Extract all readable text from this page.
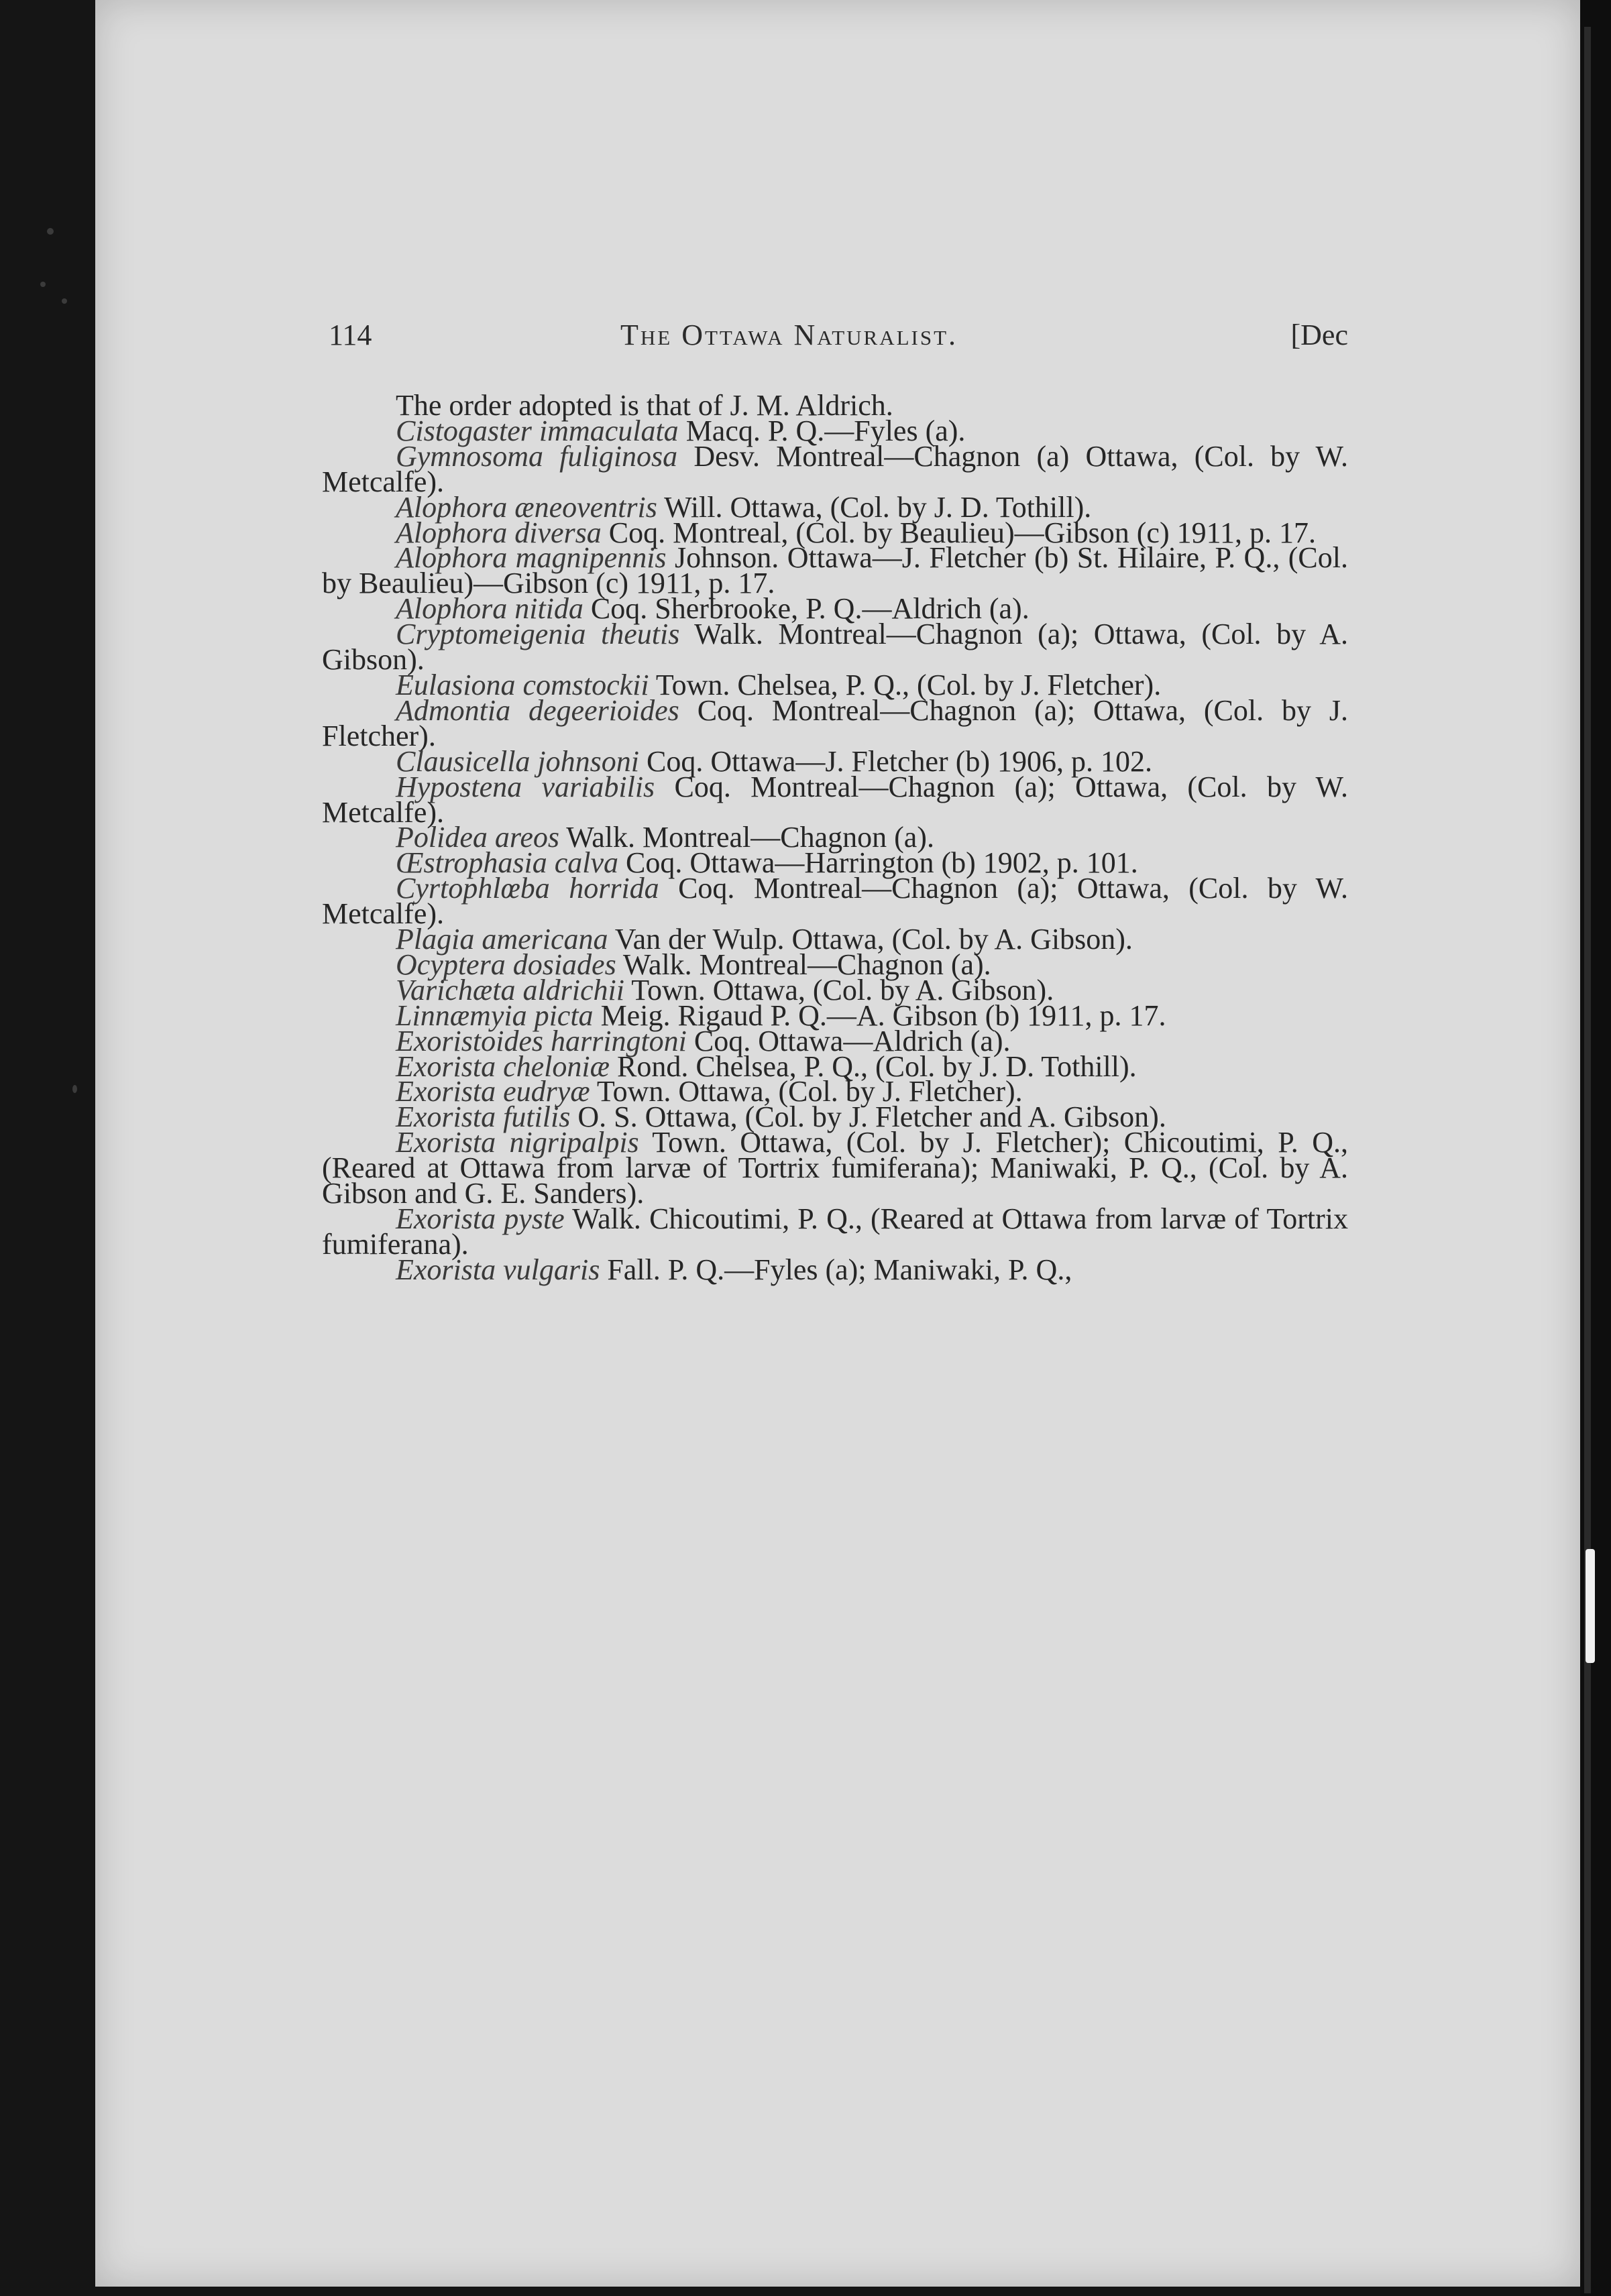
114	The Ottawa Naturalist.	[Dec

The order adopted is that of J. M. Aldrich.

Cistogaster immaculata Macq. P. Q.—Fyles (a).

Gymnosoma fuliginosa Desv. Montreal—Chagnon (a) Ottawa, (Col. by W. Metcalfe).

Alophora æneoventris Will. Ottawa, (Col. by J. D. Tothill).

Alophora diversa Coq. Montreal, (Col. by Beaulieu)—Gibson (c) 1911, p. 17.

Alophora magnipennis Johnson. Ottawa—J. Fletcher (b) St. Hilaire, P. Q., (Col. by Beaulieu)—Gibson (c) 1911, p. 17.

Alophora nitida Coq. Sherbrooke, P. Q.—Aldrich (a).

Cryptomeigenia theutis Walk. Montreal—Chagnon (a); Ottawa, (Col. by A. Gibson).

Eulasiona comstockii Town. Chelsea, P. Q., (Col. by J. Fletcher).

Admontia degeerioides Coq. Montreal—Chagnon (a); Ottawa, (Col. by J. Fletcher).

Clausicella johnsoni Coq. Ottawa—J. Fletcher (b) 1906, p. 102.

Hypostena variabilis Coq. Montreal—Chagnon (a); Ottawa, (Col. by W. Metcalfe).

Polidea areos Walk. Montreal—Chagnon (a).

Œstrophasia calva Coq. Ottawa—Harrington (b) 1902, p. 101.

Cyrtophlœba horrida Coq. Montreal—Chagnon (a); Ottawa, (Col. by W. Metcalfe).

Plagia americana Van der Wulp. Ottawa, (Col. by A. Gibson).

Ocyptera dosiades Walk. Montreal—Chagnon (a).

Varichæta aldrichii Town. Ottawa, (Col. by A. Gibson).

Linnæmyia picta Meig. Rigaud P. Q.—A. Gibson (b) 1911, p. 17.

Exoristoides harringtoni Coq. Ottawa—Aldrich (a).

Exorista cheloniæ Rond. Chelsea, P. Q., (Col. by J. D. Tothill).

Exorista eudryæ Town. Ottawa, (Col. by J. Fletcher).

Exorista futilis O. S. Ottawa, (Col. by J. Fletcher and A. Gibson).

Exorista nigripalpis Town. Ottawa, (Col. by J. Fletcher); Chicoutimi, P. Q., (Reared at Ottawa from larvæ of Tortrix fumiferana); Maniwaki, P. Q., (Col. by A. Gibson and G. E. Sanders).

Exorista pyste Walk. Chicoutimi, P. Q., (Reared at Ottawa from larvæ of Tortrix fumiferana).

Exorista vulgaris Fall. P. Q.—Fyles (a); Maniwaki, P. Q.,
